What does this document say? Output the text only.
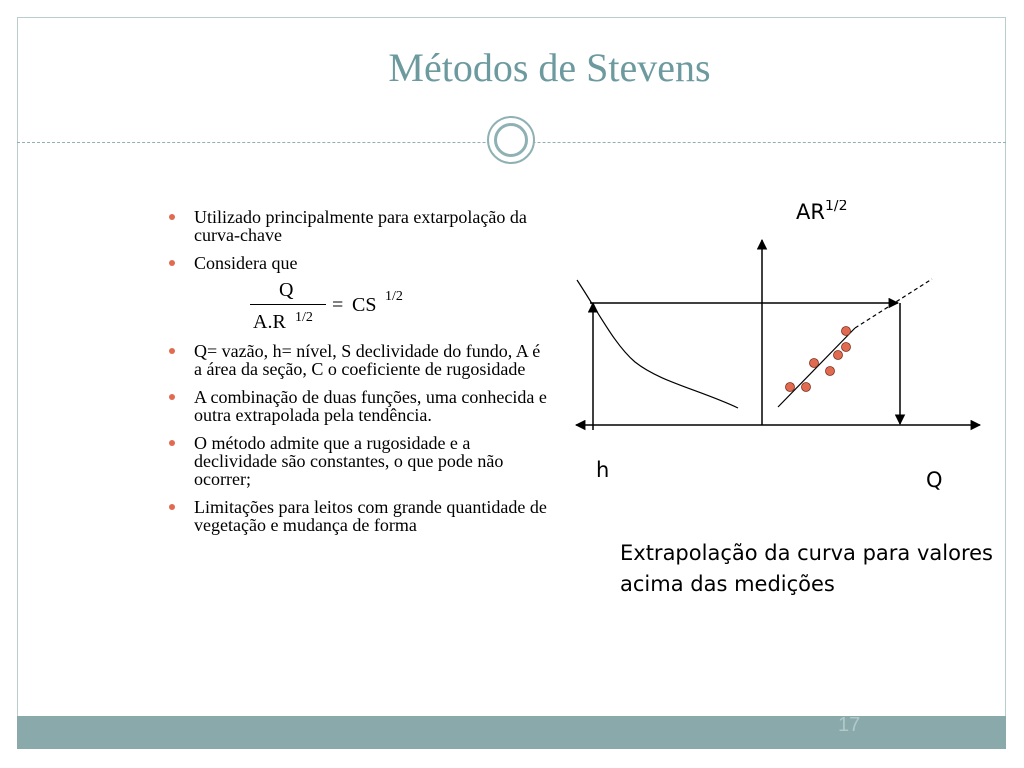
Métodos de Stevens
Utilizado principalmente para extarpolação da curva-chave
Considera que
Q
A.R 1/2
= CS 1/2
Q= vazão, h= nível, S declividade do fundo, A é a área da seção, C o coeficiente de rugosidade
A combinação de duas funções, uma conhecida e outra extrapolada pela tendência.
O método admite que a rugosidade e a declividade são constantes, o que pode não ocorrer;
Limitações para leitos com grande quantidade de vegetação e mudança de forma
$AR^{1/2}$
h	Q
Extrapolação da curva para valores acima das medições
17
